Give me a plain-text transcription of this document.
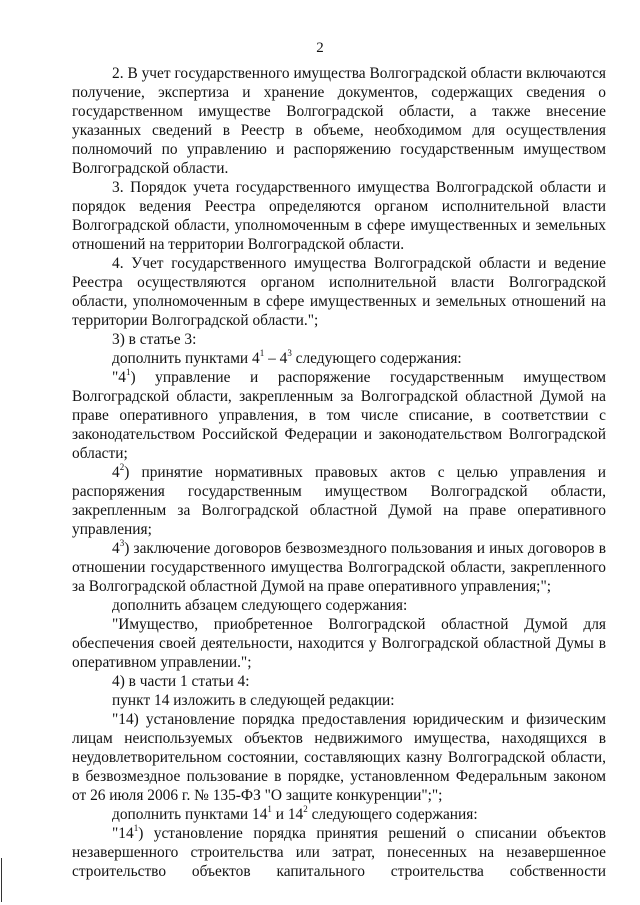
2

2. В учет государственного имущества Волгоградской области включаются получение, экспертиза и хранение документов, содержащих сведения о государственном имуществе Волгоградской области, а также внесение указанных сведений в Реестр в объеме, необходимом для осуществления полномочий по управлению и распоряжению государственным имуществом Волгоградской области.

3. Порядок учета государственного имущества Волгоградской области и порядок ведения Реестра определяются органом исполнительной власти Волгоградской области, уполномоченным в сфере имущественных и земельных отношений на территории Волгоградской области.

4. Учет государственного имущества Волгоградской области и ведение Реестра осуществляются органом исполнительной власти Волгоградской области, уполномоченным в сфере имущественных и земельных отношений на территории Волгоградской области.";

3) в статье 3:

дополнить пунктами $4^1 - 4^3$ следующего содержания:

"$4^1$) управление и распоряжение государственным имуществом Волгоградской области, закрепленным за Волгоградской областной Думой на праве оперативного управления, в том числе списание, в соответствии с законодательством Российской Федерации и законодательством Волгоградской области;

$4^2$) принятие нормативных правовых актов с целью управления и распоряжения государственным имуществом Волгоградской области, закрепленным за Волгоградской областной Думой на праве оперативного управления;

$4^3$) заключение договоров безвозмездного пользования и иных договоров в отношении государственного имущества Волгоградской области, закрепленного за Волгоградской областной Думой на праве оперативного управления;";

дополнить абзацем следующего содержания:

"Имущество, приобретенное Волгоградской областной Думой для обеспечения своей деятельности, находится у Волгоградской областной Думы в оперативном управлении.";

4) в части 1 статьи 4:

пункт 14 изложить в следующей редакции:

"14) установление порядка предоставления юридическим и физическим лицам неиспользуемых объектов недвижимого имущества, находящихся в неудовлетворительном состоянии, составляющих казну Волгоградской области, в безвозмездное пользование в порядке, установленном Федеральным законом от 26 июля 2006 г. № 135-ФЗ "О защите конкуренции";";

дополнить пунктами $14^1$ и $14^2$ следующего содержания:

"$14^1$) установление порядка принятия решений о списании объектов незавершенного строительства или затрат, понесенных на незавершенное строительство объектов капитального строительства собственности
